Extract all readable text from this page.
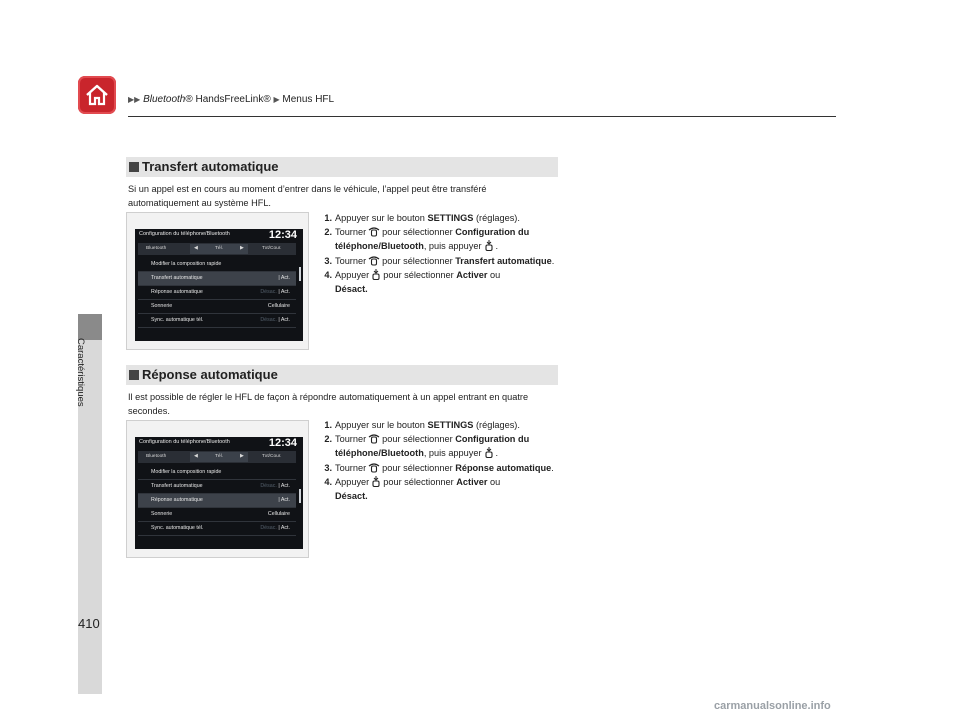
▶▶ Bluetooth® HandsFreeLink® ▶ Menus HFL
Caractéristiques
Transfert automatique
Si un appel est en cours au moment d’entrer dans le véhicule, l’appel peut être transféré automatiquement au système HFL.
Configuration du téléphone/Bluetooth	12:34
Bluetooth	◀	Tél.	▶	Txt/Cour.
Modifier la composition rapide
Transfert automatique	| Act.
Réponse automatique	Désac. | Act.
Sonnerie	Cellulaire
Sync. automatique tél.	Désac. | Act.
1. Appuyer sur le bouton SETTINGS (réglages).
2. Tourner pour sélectionner Configuration du téléphone/Bluetooth, puis appuyer .
3. Tourner pour sélectionner Transfert automatique.
4. Appuyer pour sélectionner Activer ou
Désact.
Réponse automatique
Il est possible de régler le HFL de façon à répondre automatiquement à un appel entrant en quatre secondes.
Configuration du téléphone/Bluetooth	12:34
Bluetooth	◀	Tél.	▶	Txt/Cour.
Modifier la composition rapide
Transfert automatique	Désac. | Act.
Réponse automatique	| Act.
Sonnerie	Cellulaire
Sync. automatique tél.	Désac. | Act.
1. Appuyer sur le bouton SETTINGS (réglages).
2. Tourner pour sélectionner Configuration du téléphone/Bluetooth, puis appuyer .
3. Tourner pour sélectionner Réponse automatique.
4. Appuyer pour sélectionner Activer ou
Désact.
410
carmanualsonline.info
